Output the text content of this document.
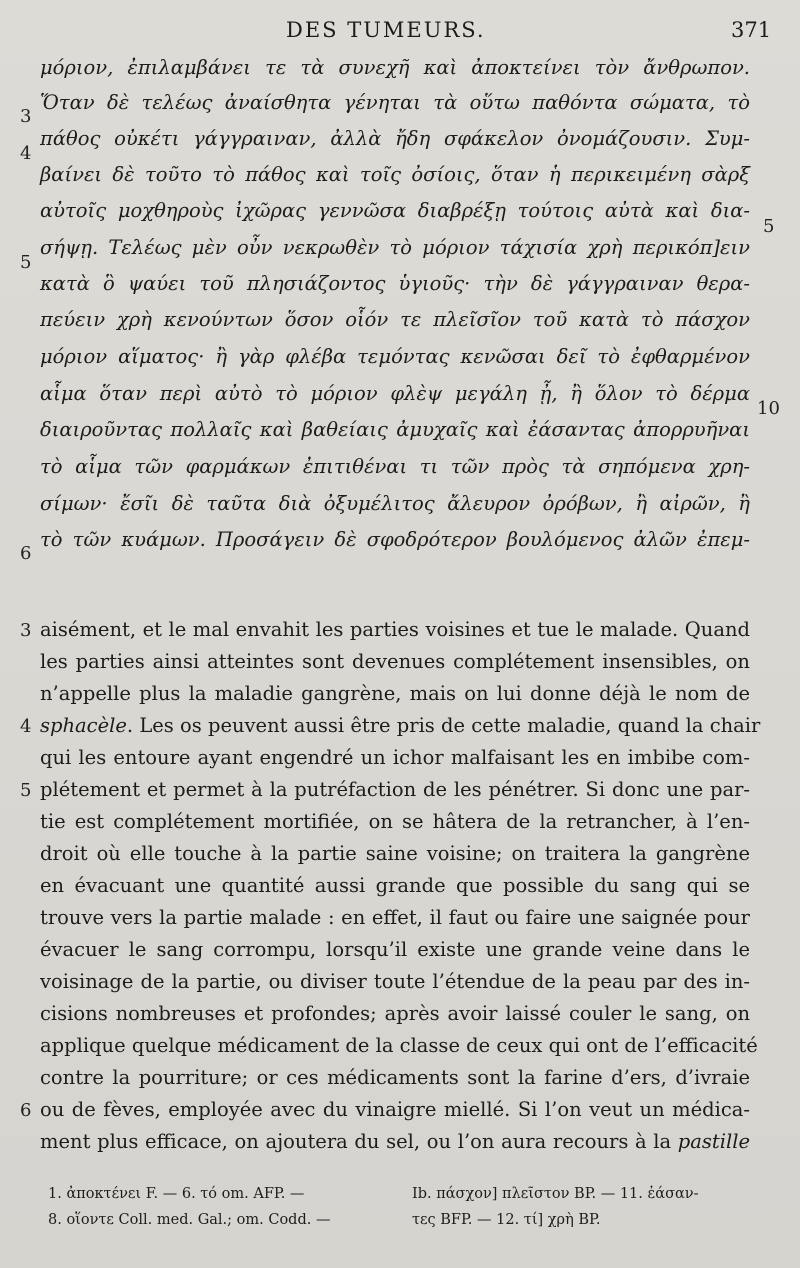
DES TUMEURS.	371
μόριον, ἐπιλαμβάνει τε τὰ συνεχῆ καὶ ἀποκτείνει τὸν ἄνθρωπον.
Ὅταν δὲ τελέως ἀναίσθητα γένηται τὰ οὕτω παθόντα σώματα, τὸ
πάθος οὐκέτι γάγγραιναν, ἀλλὰ ἤδη σφάκελον ὀνομάζουσιν. Συμ-
βαίνει δὲ τοῦτο τὸ πάθος καὶ τοῖς ὀσίοις, ὅταν ἡ περικειμένη σὰρξ
αὐτοῖς μοχθηροὺς ἰχῶρας γεννῶσα διαβρέξῃ τούτοις αὐτὰ καὶ δια-
σήψῃ. Τελέως μὲν οὖν νεκρωθὲν τὸ μόριον τάχισία χρὴ περικόπ]ειν
κατὰ ὃ ψαύει τοῦ πλησιάζοντος ὑγιοῦς· τὴν δὲ γάγγραιναν θερα-
πεύειν χρὴ κενούντων ὅσον οἷόν τε πλεῖσῖον τοῦ κατὰ τὸ πάσχον
μόριον αἵματος· ἢ γὰρ φλέβα τεμόντας κενῶσαι δεῖ τὸ ἐφθαρμένον
αἷμα ὅταν περὶ αὐτὸ τὸ μόριον φλὲψ μεγάλη ᾖ, ἢ ὅλον τὸ δέρμα
διαιροῦντας πολλαῖς καὶ βαθείαις ἀμυχαῖς καὶ ἐάσαντας ἀπορρυῆναι
τὸ αἷμα τῶν φαρμάκων ἐπιτιθέναι τι τῶν πρὸς τὰ σηπόμενα χρη-
σίμων· ἔσῖι δὲ ταῦτα διὰ ὀξυμέλιτος ἄλευρον ὀρόβων, ἢ αἰρῶν, ἢ
τὸ τῶν κυάμων. Προσάγειν δὲ σφοδρότερον βουλόμενος ἀλῶν ἐπεμ-
3
4
5
6
5
10
aisément, et le mal envahit les parties voisines et tue le malade. Quand
les parties ainsi atteintes sont devenues complétement insensibles, on
n’appelle plus la maladie gangrène, mais on lui donne déjà le nom de
sphacèle. Les os peuvent aussi être pris de cette maladie, quand la chair
qui les entoure ayant engendré un ichor malfaisant les en imbibe com-
plétement et permet à la putréfaction de les pénétrer. Si donc une par-
tie est complétement mortifiée, on se hâtera de la retrancher, à l’en-
droit où elle touche à la partie saine voisine; on traitera la gangrène
en évacuant une quantité aussi grande que possible du sang qui se
trouve vers la partie malade : en effet, il faut ou faire une saignée pour
évacuer le sang corrompu, lorsqu’il existe une grande veine dans le
voisinage de la partie, ou diviser toute l’étendue de la peau par des in-
cisions nombreuses et profondes; après avoir laissé couler le sang, on
applique quelque médicament de la classe de ceux qui ont de l’efficacité
contre la pourriture; or ces médicaments sont la farine d’ers, d’ivraie
ou de fèves, employée avec du vinaigre miellé. Si l’on veut un médica-
ment plus efficace, on ajoutera du sel, ou l’on aura recours à la pastille
3
4
5
6
1. ἀποκτένει F. — 6. τό om. AFP. —
8. οἵοντε Coll. med. Gal.; om. Codd. —
Ib. πάσχον] πλεῖστον BP. — 11. ἐάσαν-
τες BFP. — 12. τί] χρὴ BP.
